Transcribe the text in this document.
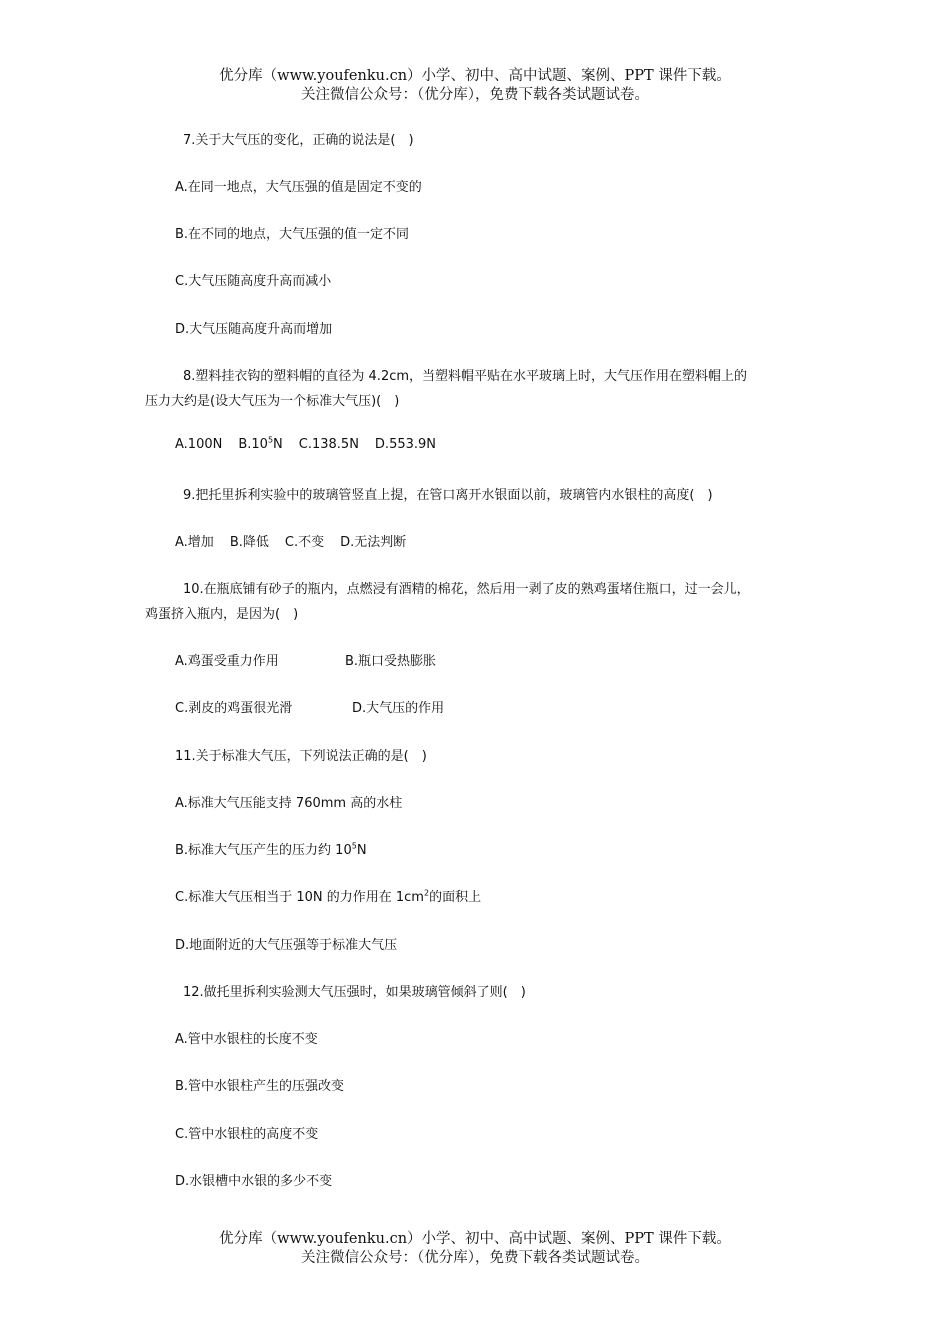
优分库（www.youfenku.cn）小学、初中、高中试题、案例、PPT 课件下载。
关注微信公众号：（优分库），免费下载各类试题试卷。
7.关于大气压的变化，正确的说法是(　)
A.在同一地点，大气压强的值是固定不变的
B.在不同的地点，大气压强的值一定不同
C.大气压随高度升高而减小
D.大气压随高度升高而增加
8.塑料挂衣钩的塑料帽的直径为 4.2cm，当塑料帽平贴在水平玻璃上时，大气压作用在塑料帽上的
压力大约是(设大气压为一个标准大气压)(　)
A.100N $B.10^5N$ C.138.5N D.553.9N
9.把托里拆利实验中的玻璃管竖直上提，在管口离开水银面以前，玻璃管内水银柱的高度(　)
A.增加 B.降低 C.不变 D.无法判断
10.在瓶底铺有砂子的瓶内，点燃浸有酒精的棉花，然后用一剥了皮的熟鸡蛋堵住瓶口，过一会儿，
鸡蛋挤入瓶内，是因为(　)
A.鸡蛋受重力作用	B.瓶口受热膨胀
C.剥皮的鸡蛋很光滑	D.大气压的作用
11.关于标准大气压，下列说法正确的是(　)
A.标准大气压能支持 760mm 高的水柱
B.标准大气压产生的压力约 $10^5N$
C.标准大气压相当于 10N 的力作用在 $1cm^2$的面积上
D.地面附近的大气压强等于标准大气压
12.做托里拆利实验测大气压强时，如果玻璃管倾斜了则(　)
A.管中水银柱的长度不变
B.管中水银柱产生的压强改变
C.管中水银柱的高度不变
D.水银槽中水银的多少不变
优分库（www.youfenku.cn）小学、初中、高中试题、案例、PPT 课件下载。
关注微信公众号：（优分库），免费下载各类试题试卷。
